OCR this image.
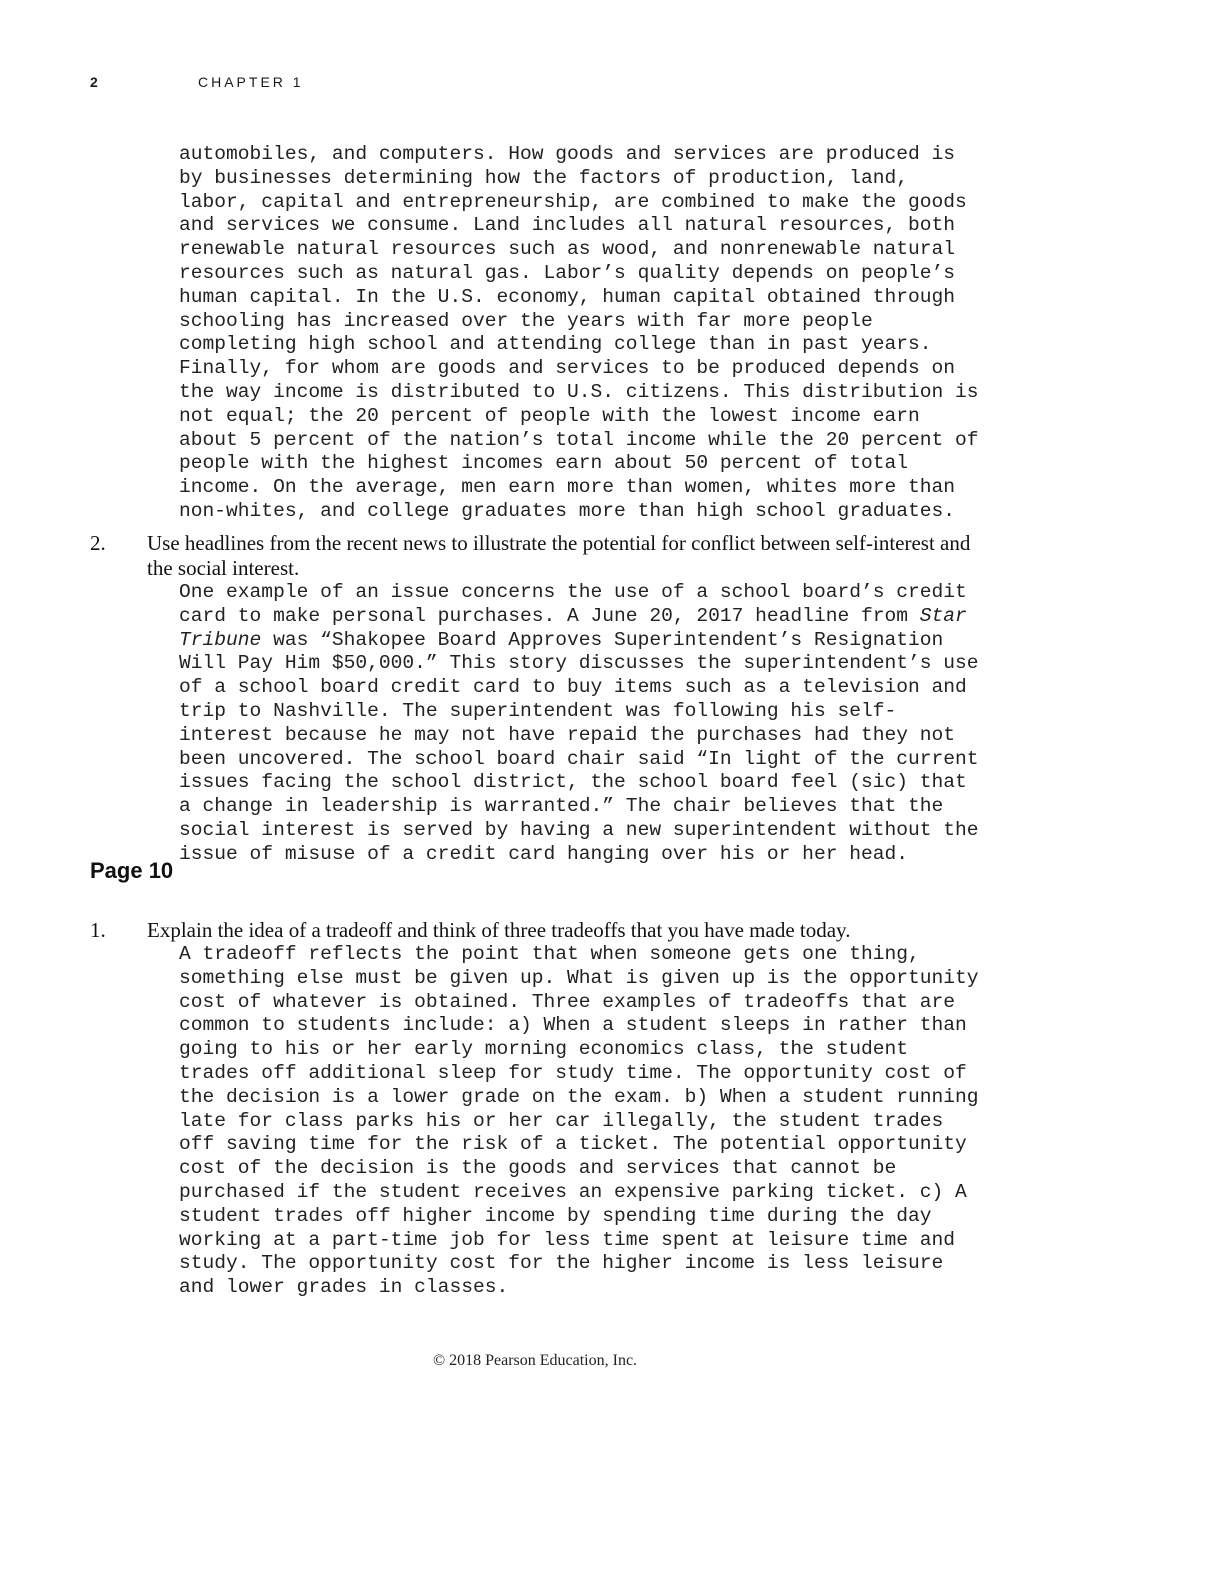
2	CHAPTER 1
automobiles, and computers. How goods and services are produced is
by businesses determining how the factors of production, land,
labor, capital and entrepreneurship, are combined to make the goods
and services we consume. Land includes all natural resources, both
renewable natural resources such as wood, and nonrenewable natural
resources such as natural gas. Labor’s quality depends on people’s
human capital. In the U.S. economy, human capital obtained through
schooling has increased over the years with far more people
completing high school and attending college than in past years.
Finally, for whom are goods and services to be produced depends on
the way income is distributed to U.S. citizens. This distribution is
not equal; the 20 percent of people with the lowest income earn
about 5 percent of the nation’s total income while the 20 percent of
people with the highest incomes earn about 50 percent of total
income. On the average, men earn more than women, whites more than
non-whites, and college graduates more than high school graduates.
2. Use headlines from the recent news to illustrate the potential for conflict between self-interest and the social interest.
One example of an issue concerns the use of a school board’s credit
card to make personal purchases. A June 20, 2017 headline from Star
Tribune was “Shakopee Board Approves Superintendent’s Resignation
Will Pay Him $50,000.” This story discusses the superintendent’s use
of a school board credit card to buy items such as a television and
trip to Nashville. The superintendent was following his self-
interest because he may not have repaid the purchases had they not
been uncovered. The school board chair said “In light of the current
issues facing the school district, the school board feel (sic) that
a change in leadership is warranted.” The chair believes that the
social interest is served by having a new superintendent without the
issue of misuse of a credit card hanging over his or her head.
Page 10
1. Explain the idea of a tradeoff and think of three tradeoffs that you have made today.
A tradeoff reflects the point that when someone gets one thing,
something else must be given up. What is given up is the opportunity
cost of whatever is obtained. Three examples of tradeoffs that are
common to students include: a) When a student sleeps in rather than
going to his or her early morning economics class, the student
trades off additional sleep for study time. The opportunity cost of
the decision is a lower grade on the exam. b) When a student running
late for class parks his or her car illegally, the student trades
off saving time for the risk of a ticket. The potential opportunity
cost of the decision is the goods and services that cannot be
purchased if the student receives an expensive parking ticket. c) A
student trades off higher income by spending time during the day
working at a part-time job for less time spent at leisure time and
study. The opportunity cost for the higher income is less leisure
and lower grades in classes.
© 2018 Pearson Education, Inc.
